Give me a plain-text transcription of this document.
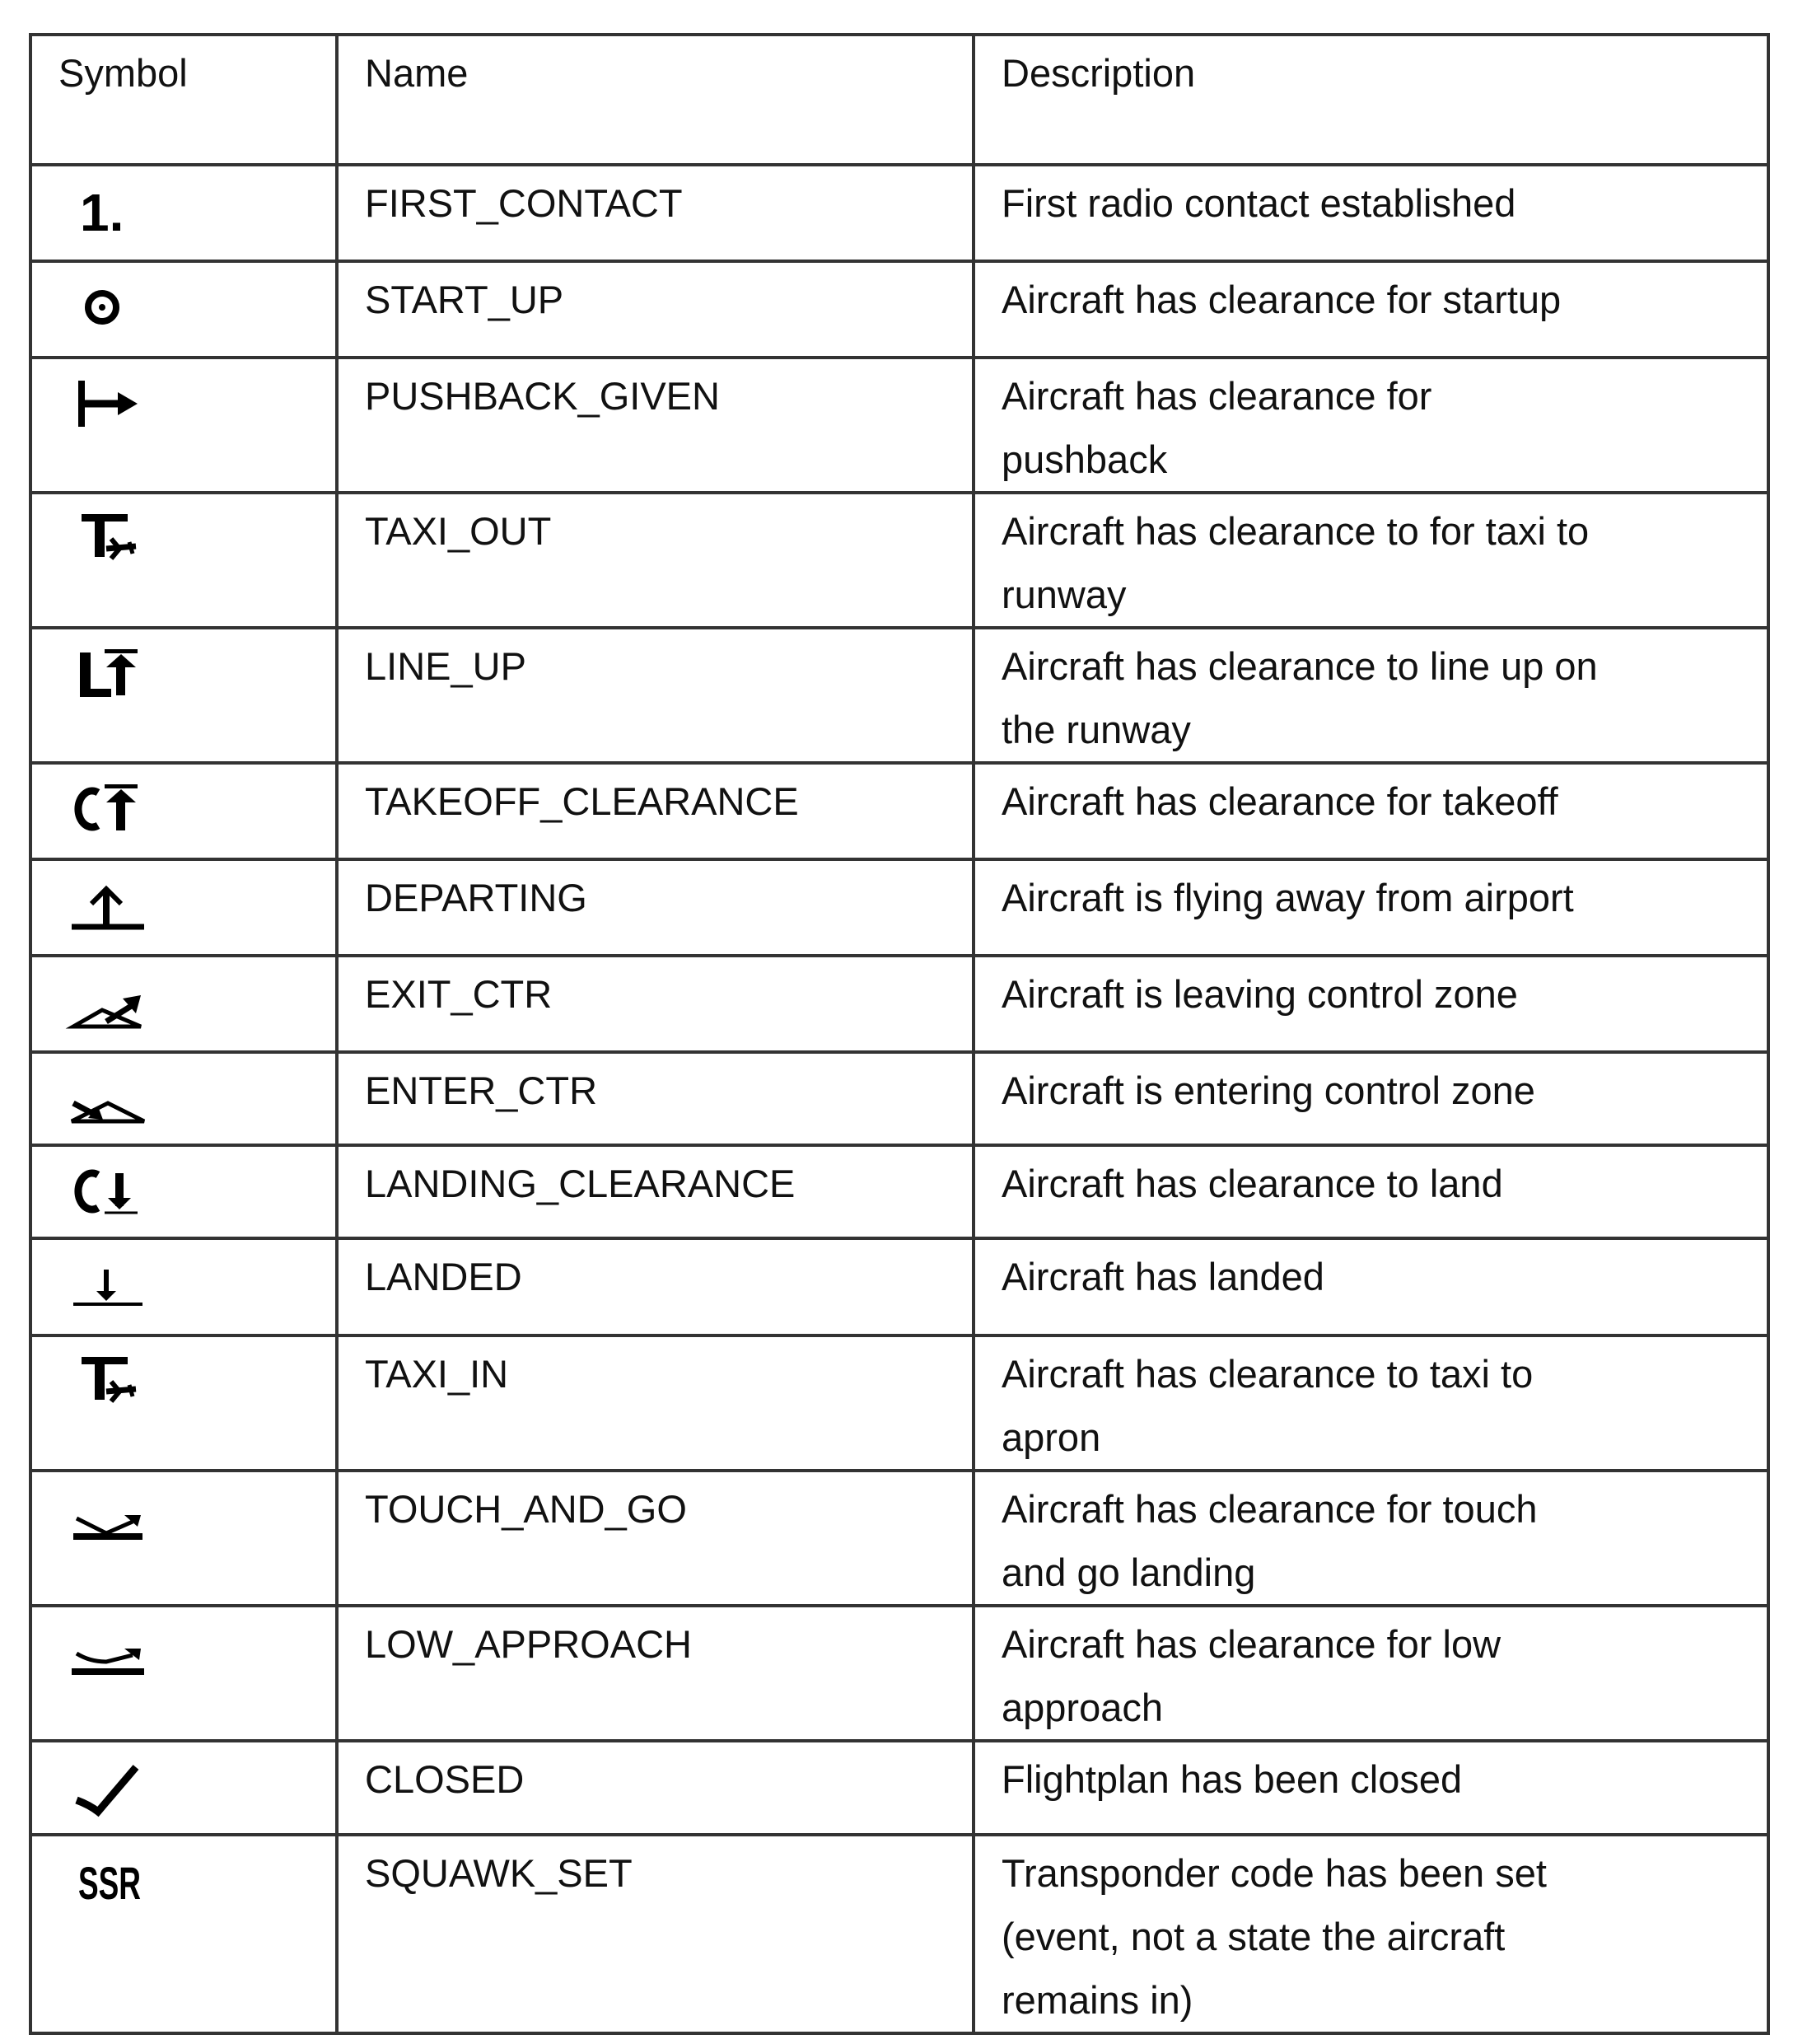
Symbol	Name	Description

1.	FIRST_CONTACT	First radio contact established

	START_UP	Aircraft has clearance for startup

	PUSHBACK_GIVEN	Aircraft has clearance for
pushback

	TAXI_OUT	Aircraft has clearance to for taxi to
runway

	LINE_UP	Aircraft has clearance to line up on
the runway

	TAKEOFF_CLEARANCE	Aircraft has clearance for takeoff

	DEPARTING	Aircraft is flying away from airport

	EXIT_CTR	Aircraft is leaving control zone

	ENTER_CTR	Aircraft is entering control zone

	LANDING_CLEARANCE	Aircraft has clearance to land

	LANDED	Aircraft has landed

	TAXI_IN	Aircraft has clearance to taxi to
apron

	TOUCH_AND_GO	Aircraft has clearance for touch
and go landing

	LOW_APPROACH	Aircraft has clearance for low
approach

	CLOSED	Flightplan has been closed

SSR	SQUAWK_SET	Transponder code has been set
(event, not a state the aircraft
remains in)
